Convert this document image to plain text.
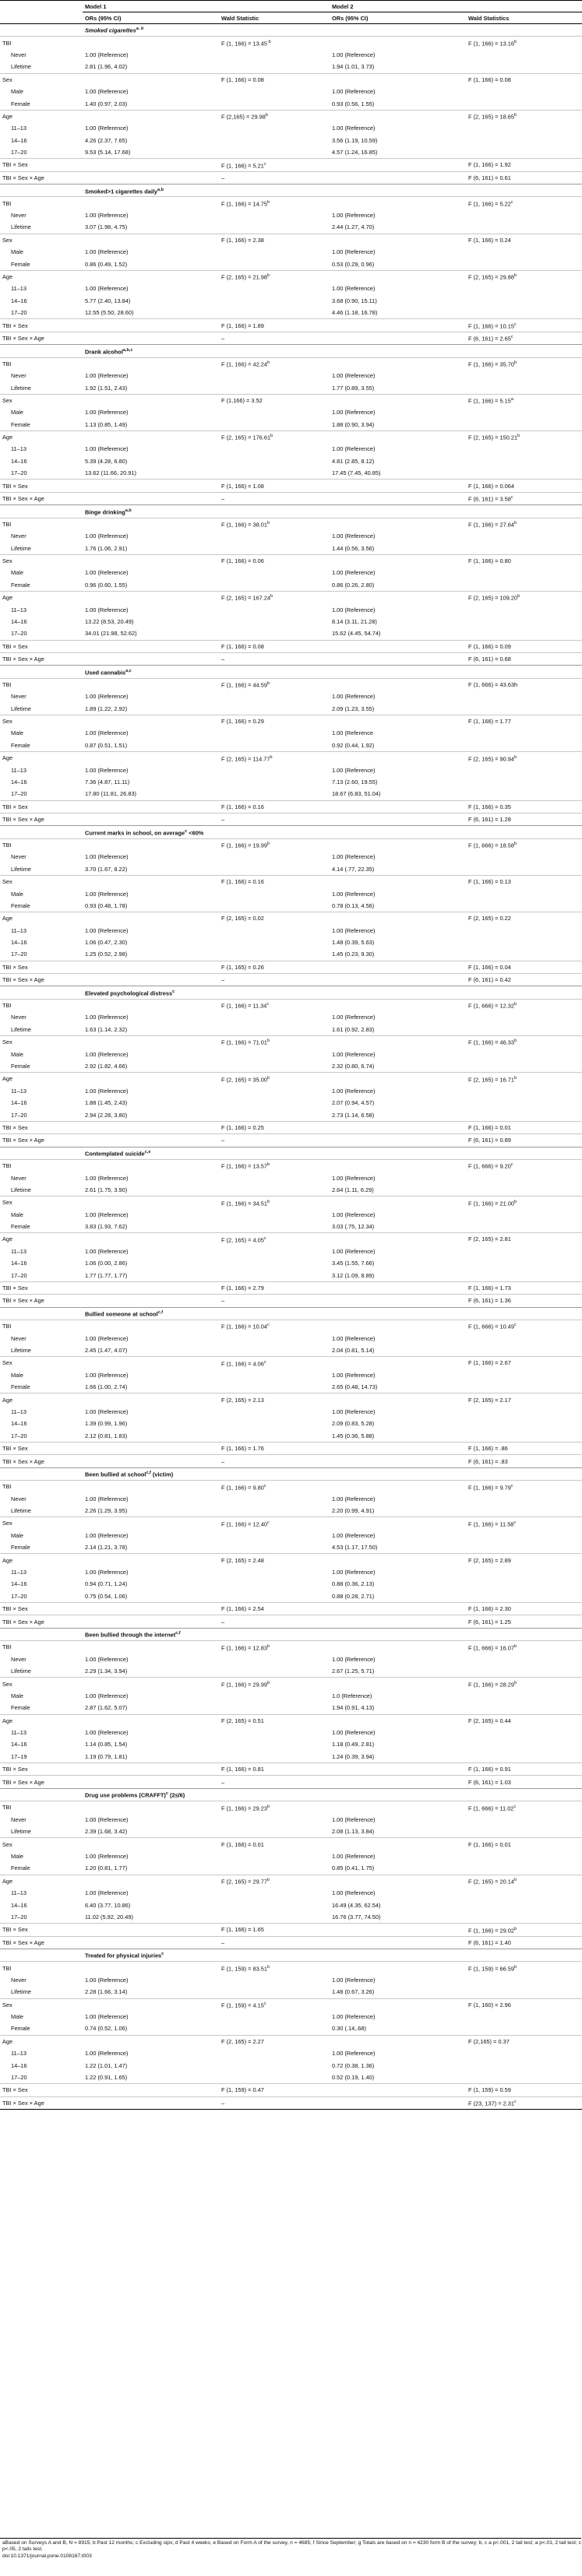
	Model 1		Model 2	
	ORs (95% CI)	Wald Statistic	ORs (95% CI)	Wald Statistics
	Smoked cigarettes$^{a, b}$
TBI		F (1, 166) = 13.45 $^b$		F (1, 166) = 13.16$^b$
Never	1.00 (Reference)		1.00 (Reference)	
Lifetime	2.81 (1.96, 4.02)		1.94 (1.01, 3.73)	
Sex		F (1, 166) = 0.08		F (1, 166) = 0.08
Male	1.00 (Reference)		1.00 (Reference)	
Female	1.40 (0.97, 2.03)		0.93 (0.56, 1.55)	
Age		F (2,165) = 29.98$^b$		F (2, 165) = 18.65$^b$
11–13	1.00 (Reference)		1.00 (Reference)	
14–16	4.26 (2.37, 7.65)		3.56 (1.19, 10.59)	
17–20	9.53 (5.14, 17.68)		4.57 (1.24, 16.85)	
TBI × Sex		F (1, 166) = 5.21$^c$		F (1, 166) = 1.92
TBI × Sex × Age		–		F (6, 161) = 0.61
	Smoked>1 cigarettes daily$^{a,b}$
TBI		F (1, 166) = 14.75$^b$		F (1, 166) = 5.22$^c$
Never	1.00 (Reference)		1.00 (Reference)	
Lifetime	3.07 (1.98, 4.75)		2.44 (1.27, 4.70)	
Sex		F (1, 166) = 2.38		F (1, 166) = 0.24
Male	1.00 (Reference)		1.00 (Reference)	
Female	0.86 (0.49, 1.52)		0.53 (0.29, 0.96)	
Age		F (2, 165) = 21.98$^b$		F (2, 165) = 29.88$^b$
11–13	1.00 (Reference)		1.00 (Reference)	
14–16	5.77 (2.40, 13.84)		3.68 (0.90, 15.11)	
17–20	12.55 (5.50, 28.60)		4.46 (1.18, 16.78)	
TBI × Sex		F (1, 166) = 1.89		F (1, 166) = 10.15$^c$
TBI × Sex × Age		–		F (6, 161) = 2.65$^c$
	Drank alcohol$^{a,b,c}$
TBI		F (1, 166) = 42.24$^b$		F (1, 166) = 35.70$^b$
Never	1.00 (Reference)		1.00 (Reference)	
Lifetime	1.92 (1.51, 2.43)		1.77 (0.89, 3.55)	
Sex		F (1,166) = 3.52		F (1, 166) = 5.15$^a$
Male	1.00 (Reference)		1.00 (Reference)	
Female	1.13 (0.85, 1.49)		1.88 (0.90, 3.94)	
Age		F (2, 165) = 176.61$^b$		F (2, 165) = 150.21$^b$
11–13	1.00 (Reference)		1.00 (Reference)	
14–16	5.39 (4.28, 6.80)		4.81 (2.85, 8.12)	
17–20	13.62 (11.66, 20.91)		17.45 (7.45, 40.85)	
TBI × Sex		F (1, 166) = 1.08		F (1, 166) = 0.064
TBI × Sex × Age		–		F (6, 161) = 3.58$^c$
	Binge drinking$^{a,b}$
TBI		F (1, 166) = 38.01$^b$		F (1, 166) = 27.64$^b$
Never	1.00 (Reference)		1.00 (Reference)	
Lifetime	1.76 (1.06, 2.91)		1.44 (0.56, 3.56)	
Sex		F (1, 166) = 0.06		F (1, 166) = 0.80
Male	1.00 (Reference)		1.00 (Reference)	
Female	0.96 (0.60, 1.55)		0.86 (0.26, 2.80)	
Age		F (2, 165) = 167.24$^b$		F (2, 165) = 109.20$^b$
11–13	1.00 (Reference)		1.00 (Reference)	
14–16	13.22 (8.53, 20.49)		8.14 (3.11, 21.28)	
17–20	34.01 (21.98, 52.62)		15.62 (4.45, 54.74)	
TBI × Sex		F (1, 166) = 0.08		F (1, 166) = 0.09
TBI × Sex × Age		–		F (6, 161) = 0.68
	Used cannabis$^{a,c}$
TBI		F (1, 166) = 44.59$^b$		F (1, 666) = 43.63h
Never	1.00 (Reference)		1.00 (Reference)	
Lifetime	1.89 (1.22, 2.92)		2.09 (1.23, 3.55)	
Sex		F (1, 166) = 0.29		F (1, 166) = 1.77
Male	1.00 (Reference)		1.00 (Reference	
Female	0.87 (0.51, 1.51)		0.92 (0.44, 1.92)	
Age		F (2, 165) = 114.77$^b$		F (2, 165) = 90.94$^b$
11–13	1.00 (Reference)		1.00 (Reference)	
14–16	7.36 (4.87, 11.11)		7.13 (2.60, 19.55)	
17–20	17.80 (11.81, 26.83)		18.67 (6.83, 51.04)	
TBI × Sex		F (1, 166) = 0.16		F (1, 166) = 0.35
TBI × Sex × Age		–		F (6, 161) = 1.28
	Current marks in school, on average$^c$ <60%			
TBI		F (1, 166) = 19.99$^b$		F (1, 666) = 18.58$^b$
Never	1.00 (Reference)		1.00 (Reference)	
Lifetime	3.70 (1.67, 8.22)		4.14 (.77, 22.35)	
Sex		F (1, 166) = 0.16		F (1, 166) = 0.13
Male	1.00 (Reference)		1.00 (Reference)	
Female	0.93 (0.48, 1.78)		0.78 (0.13, 4.56)	
Age		F (2, 165) = 0.02		F (2, 165) = 0.22
11–13	1.00 (Reference)		1.00 (Reference)	
14–16	1.06 (0.47, 2.30)		1.48 (0.39, 5.63)	
17–20	1.25 (0.52, 2.98)		1.45 (0.23, 9.30)	
TBI × Sex		F (1, 165) = 0.26		F (1, 166) = 0.04
TBI × Sex × Age		–		F (6, 161) = 0.42
	Elevated psychological distress$^c$
TBI		F (1, 166) = 11.34$^c$		F (1, 666) = 12.32$^b$
Never	1.00 (Reference)		1.00 (Reference)	
Lifetime	1.63 (1.14, 2.32)		1.61 (0.92, 2.83)	
Sex		F (1, 166) = 71.01$^b$		F (1, 166) = 46.33$^b$
Male	1.00 (Reference)		1.00 (Reference)	
Female	2.92 (1.82, 4.66)		2.32 (0.80, 6.74)	
Age		F (2, 165) = 35.00$^b$		F (2, 165) = 16.71$^b$
11–13	1.00 (Reference)		1.00 (Reference)	
14–16	1.88 (1.45, 2.43)		2.07 (0.94, 4.57)	
17–20	2.94 (2.28, 3.80)		2.73 (1.14, 6.58)	
TBI × Sex		F (1, 166) = 0.25		F (1, 166) = 0.01
TBI × Sex × Age		–		F (6, 161) = 0.89
	Contemplated suicide$^{c,e}$
TBI		F (1, 166) = 13.57$^b$		F (1, 666) = 9.20$^c$
Never	1.00 (Reference)		1.00 (Reference)	
Lifetime	2.61 (1.75, 3.90)		2.64 (1.11, 6.29)	
Sex		F (1, 166) = 34.51$^b$		F (1, 166) = 21.00$^b$
Male	1.00 (Reference)		1.00 (Reference)	
Female	3.83 (1.93, 7.62)		3.03 (.75, 12.34)	
Age		F (2, 165) = 4.05$^c$		F (2, 165) = 2.81
11–13	1.00 (Reference)		1.00 (Reference)	
14–16	1.06 (0.00, 2.86)		3.45 (1.55, 7.66)	
17–20	1.77 (1.77, 1.77)		3.12 (1.09, 8.89)	
TBI × Sex		F (1, 166) = 2.79		F (1, 166) = 1.73
TBI × Sex × Age		–		F (6, 161) = 1.36
	Bullied someone at school$^{c,f}$
TBI		F (1, 166) = 10.04$^c$		F (1, 666) = 10.49$^c$
Never	1.00 (Reference)		1.00 (Reference)	
Lifetime	2.45 (1.47, 4.07)		2.04 (0.81, 5.14)	
Sex		F (1, 166) = 4.06$^c$		F (1, 166) = 2.67
Male	1.00 (Reference)		1.00 (Reference)	
Female	1.66 (1.00, 2.74)		2.65 (0.48, 14.73)	
Age		F (2, 165) = 2.13		F (2, 165) = 2.17
11–13	1.00 (Reference)		1.00 (Reference)	
14–16	1.39 (0.99, 1.96)		2.09 (0.83, 5.28)	
17–20	2.12 (0.81, 1.83)		1.45 (0.36, 5.88)	
TBI × Sex		F (1, 166) = 1.76		F (1, 166) = .86
TBI × Sex × Age		–		F (6, 161) = .83
	Been bullied at school$^{c,f}$ (victim)			
TBI		F (1, 166) = 9.80$^c$		F (1, 166) = 9.79$^c$
Never	1.00 (Reference)		1.00 (Reference)	
Lifetime	2.26 (1.29, 3.95)		2.20 (0.99, 4.91)	
Sex		F (1, 166) = 12.40$^c$		F (1, 166) = 11.58$^c$
Male	1.00 (Reference)		1.00 (Reference)	
Female	2.14 (1.21, 3.78)		4.53 (1.17, 17.50)	
Age		F (2, 165) = 2.48		F (2, 165) = 2.89
11–13	1.00 (Reference)		1.00 (Reference)	
14–16	0.94 (0.71, 1.24)		0.88 (0.36, 2.13)	
17–20	0.75 (0.54, 1.06)		0.88 (0.28, 2.71)	
TBI × Sex		F (1, 166) = 2.54		F (1, 166) = 2.30
TBI × Sex × Age		–		F (6, 161) = 1.25
	Been bullied through the internet$^{c,f}$
TBI		F (1, 166) = 12.83$^b$		F (1, 666) = 16.07$^b$
Never	1.00 (Reference)		1.00 (Reference)	
Lifetime	2.29 (1.34, 3.94)		2.67 (1.25, 5.71)	
Sex		F (1, 166) = 29.99$^b$		F (1, 166) = 28.29$^b$
Male	1.00 (Reference)		1.0 (Reference)	
Female	2.87 (1.62, 5.07)		1.94 (0.91, 4.13)	
Age		F (2, 165) = 0.51		F (2, 165) = 0.44
11–13	1.00 (Reference)		1.00 (Reference)	
14–16	1.14 (0.85, 1.54)		1.18 (0.49, 2.81)	
17–19	1.19 (0.79, 1.81)		1.24 (0.39, 3.94)	
TBI × Sex		F (1, 166) = 0.81		F (1, 166) = 0.91
TBI × Sex × Age		–		F (6, 161) = 1.03
	Drug use problems (CRAFFT)$^c$ (2≤/6)			
TBI		F (1, 166) = 29.23$^b$		F (1, 666) = 11.02$^c$
Never	1.00 (Reference)		1.00 (Reference)	
Lifetime	2.39 (1.68, 3.42)		2.08 (1.13, 3.84)	
Sex		F (1, 166) = 0.01		F (1, 166) = 0.01
Male	1.00 (Reference)		1.00 (Reference)	
Female	1.20 (0.81, 1.77)		0.85 (0.41, 1.75)	
Age		F (2, 165) = 29.77$^b$		F (2, 165) = 20.14$^b$
11–13	1.00 (Reference)		1.00 (Reference)	
14–16	6.40 (3.77, 10.86)		16.49 (4.35, 62.54)	
17–20	11.02 (5.92, 20.49)		16.76 (3.77, 74.50)	
TBI × Sex		F (1, 166) = 1.65		F (1, 166) = 29.02$^b$
TBI × Sex × Age		–		F (6, 161) = 1.40
	Treated for physical injuries$^c$
TBI		F (1, 159) = 83.51$^b$		F (1, 159) = 66.59$^b$
Never	1.00 (Reference)		1.00 (Reference)	
Lifetime	2.28 (1.66, 3.14)		1.48 (0.67, 3.26)	
Sex		F (1, 159) = 4.15$^c$		F (1, 160) = 2.96
Male	1.00 (Reference)		1.00 (Reference)	
Female	0.74 (0.52, 1.06)		0.30 (.14,.68)	
Age		F (2, 165) = 2.27		F (2,165) = 0.37
11–13	1.00 (Reference)		1.00 (Reference)	
14–16	1.22 (1.01, 1.47)		0.72 (0.38, 1.36)	
17–20	1.22 (0.91, 1.65)		0.52 (0.19, 1.40)	
TBI × Sex		F (1, 159) = 0.47		F (1, 159) = 0.59
TBI × Sex × Age		–		F (23, 137) = 2.31$^c$
aBased on Surveys A and B, N = 8915; b Past 12 months; c Excluding sips; d Past 4 weeks; e Based on Form A of the survey, n = 4685; f Since September; g Totals are based on n = 4230 form B of the survey; b, c a p<.001, 2 tail test; a p<.01, 2 tail test; c p<.05, 2 tails test.
doi:10.1371/journal.pone.0108167.t003
